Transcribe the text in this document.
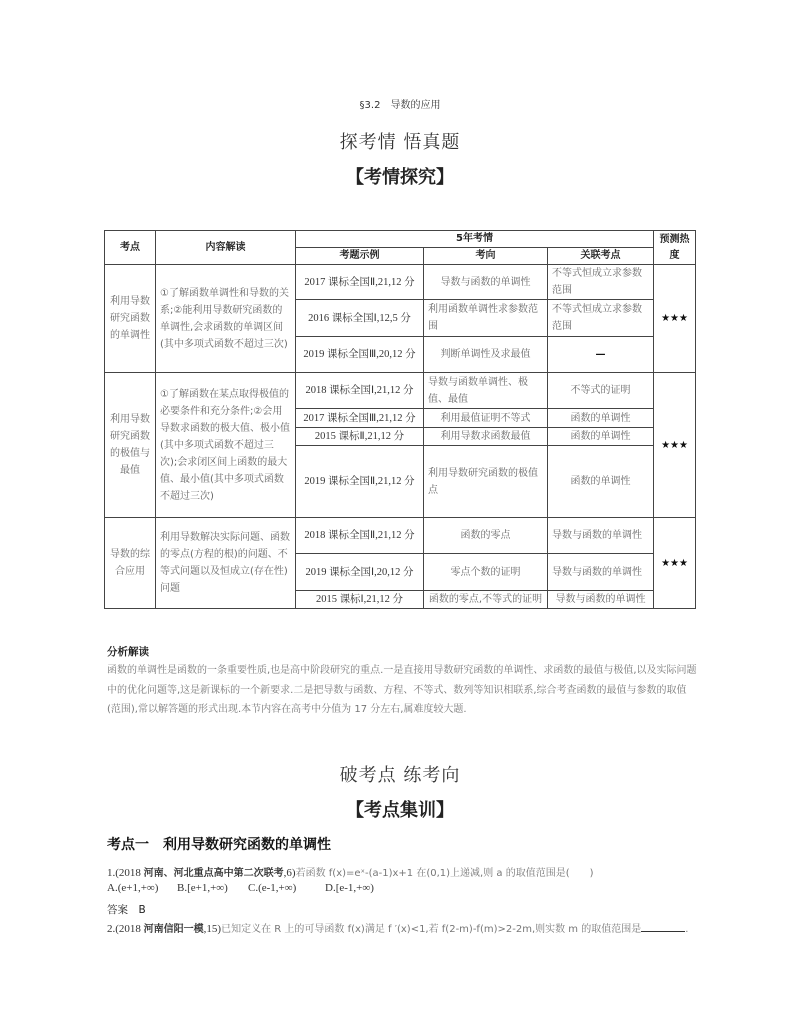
§3.2　导数的应用
探考情 悟真题
【考情探究】
考点	内容解读	5年考情			预测热度
		考题示例	考向	关联考点	
利用导数研究函数的单调性	①了解函数单调性和导数的关系;②能利用导数研究函数的单调性,会求函数的单调区间(其中多项式函数不超过三次)	2017 课标全国Ⅱ,21,12 分	导数与函数的单调性	不等式恒成立求参数范围	★★★
		2016 课标全国Ⅰ,12,5 分	利用函数单调性求参数范围	不等式恒成立求参数范围	
		2019 课标全国Ⅲ,20,12 分	判断单调性及求最值	—	
利用导数研究函数的极值与最值	①了解函数在某点取得极值的必要条件和充分条件;②会用导数求函数的极大值、极小值(其中多项式函数不超过三次);会求闭区间上函数的最大值、最小值(其中多项式函数不超过三次)	2018 课标全国Ⅰ,21,12 分	导数与函数单调性、极值、最值	不等式的证明	★★★
		2017 课标全国Ⅲ,21,12 分	利用最值证明不等式	函数的单调性	
		2015 课标Ⅱ,21,12 分	利用导数求函数最值	函数的单调性	
		2019 课标全国Ⅱ,21,12 分	利用导数研究函数的极值点	函数的单调性	
导数的综合应用	利用导数解决实际问题、函数的零点(方程的根)的问题、不等式问题以及恒成立(存在性)问题	2018 课标全国Ⅱ,21,12 分	函数的零点	导数与函数的单调性	★★★
		2019 课标全国Ⅰ,20,12 分	零点个数的证明	导数与函数的单调性	
		2015 课标Ⅰ,21,12 分	函数的零点,不等式的证明	导数与函数的单调性	
分析解读
函数的单调性是函数的一条重要性质,也是高中阶段研究的重点.一是直接用导数研究函数的单调性、求函数的最值与极值,以及实际问题中的优化问题等,这是新课标的一个新要求.二是把导数与函数、方程、不等式、数列等知识相联系,综合考查函数的最值与参数的取值(范围),常以解答题的形式出现.本节内容在高考中分值为 17 分左右,属难度较大题.
破考点 练考向
【考点集训】
考点一　利用导数研究函数的单调性
1.(2018 河南、河北重点高中第二次联考,6)若函数 f(x)=eˣ-(a-1)x+1 在(0,1)上递减,则 a 的取值范围是(　　)
A.(e+1,+∞) B.[e+1,+∞) C.(e-1,+∞)	D.[e-1,+∞)
答案　B
2.(2018 河南信阳一模,15)已知定义在 R 上的可导函数 f(x)满足 f ′(x)<1,若 f(2-m)-f(m)>2-2m,则实数 m 的取值范围是	.
